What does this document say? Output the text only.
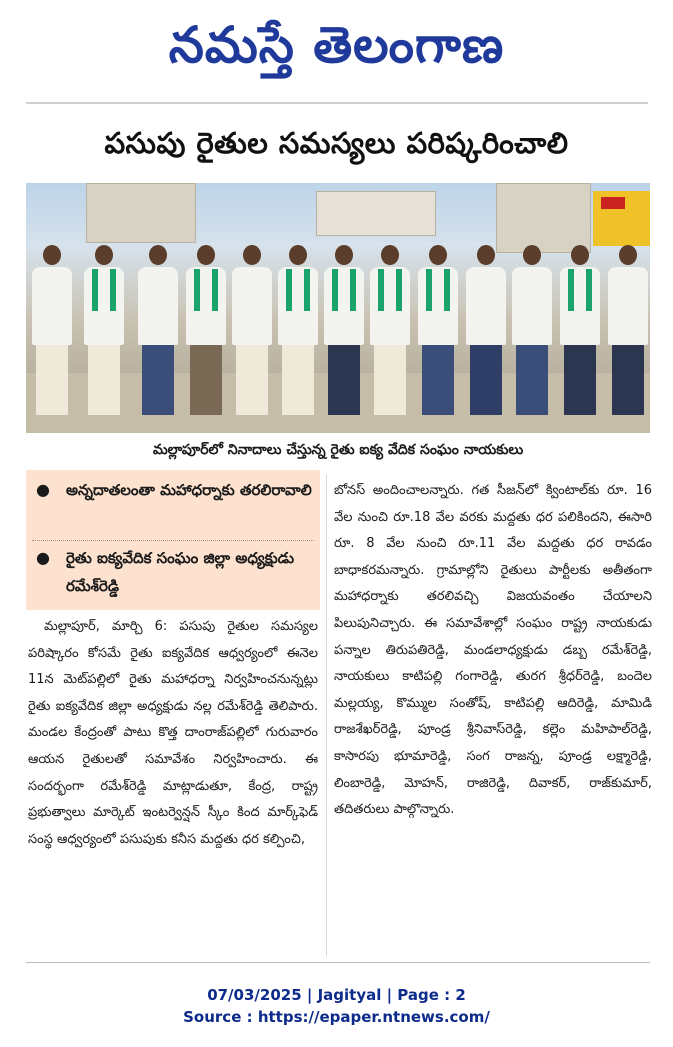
నమస్తే తెలంగాణ
పసుపు రైతుల సమస్యలు పరిష్కరించాలి
మల్లాపూర్‌లో నినాదాలు చేస్తున్న రైతు ఐక్య వేదిక సంఘం నాయకులు
● అన్నదాతలంతా మహాధర్నాకు తరలిరావాలి
● రైతు ఐక్యవేదిక సంఘం జిల్లా అధ్యక్షుడు రమేశ్‌రెడ్డి

మల్లాపూర్, మార్చి 6: పసుపు రైతుల సమస్యల పరిష్కారం కోసమే రైతు ఐక్యవేదిక ఆధ్వర్యంలో ఈనెల 11న మెట్‌పల్లిలో రైతు మహాధర్నా నిర్వహించనున్నట్లు రైతు ఐక్యవేదిక జిల్లా అధ్యక్షుడు నల్ల రమేశ్‌రెడ్డి తెలిపారు. మండల కేంద్రంతో పాటు కొత్త దాంరాజ్‌పల్లిలో గురువారం ఆయన రైతులతో సమావేశం నిర్వహించారు. ఈ సందర్భంగా రమేశ్‌రెడ్డి మాట్లాడుతూ, కేంద్ర, రాష్ట్ర ప్రభుత్వాలు మార్కెట్ ఇంటర్వెన్షన్ స్కీం కింద మార్క్‌ఫెడ్ సంస్థ ఆధ్వర్యంలో పసుపుకు కనీస మద్దతు ధర కల్పించి,

బోనస్ అందించాలన్నారు. గత సీజన్‌లో క్వింటాల్‌కు రూ. 16 వేల నుంచి రూ.18 వేల వరకు మద్దతు ధర పలికిందని, ఈసారి రూ. 8 వేల నుంచి రూ.11 వేల మద్దతు ధర రావడం బాధాకరమన్నారు. గ్రామాల్లోని రైతులు పార్టీలకు అతీతంగా మహాధర్నాకు తరలివచ్చి విజయవంతం చేయాలని పిలుపునిచ్చారు. ఈ సమావేశాల్లో సంఘం రాష్ట్ర నాయకుడు పన్నాల తిరుపతిరెడ్డి, మండలాధ్యక్షుడు డబ్బ రమేశ్‌రెడ్డి, నాయకులు కాటిపల్లి గంగారెడ్డి, తురగ శ్రీధర్‌రెడ్డి, బందెల మల్లయ్య, కొమ్ముల సంతోష్, కాటిపల్లి ఆదిరెడ్డి, మామిడి రాజశేఖర్‌రెడ్డి, పూండ్ర శ్రీనివాస్‌రెడ్డి, కల్లెం మహిపాల్‌రెడ్డి, కాసారపు భూమారెడ్డి, సంగ రాజన్న, పూండ్ర లక్ష్మారెడ్డి, లింబారెడ్డి, మోహన్, రాజిరెడ్డి, దివాకర్, రాజ్‌కుమార్, తదితరులు పాల్గొన్నారు.

07/03/2025 | Jagityal | Page : 2
Source : https://epaper.ntnews.com/
